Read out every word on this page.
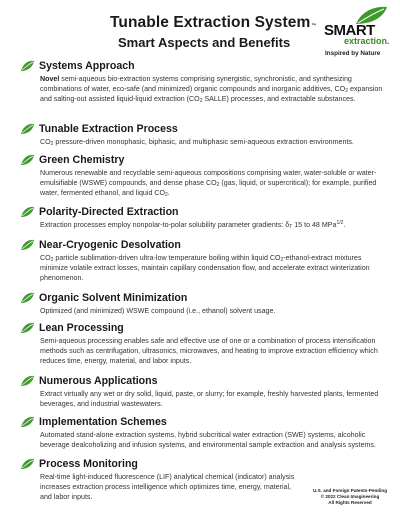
Tunable Extraction System™
Smart Aspects and Benefits
SMART
extraction.
Inspired by Nature
Systems Approach
Novel semi-aqueous bio-extraction systems comprising synergistic, synchronistic, and synthesizing combinations of water, eco-safe (and minimized) organic compounds and inorganic additives, $CO_2$ expansion and salting-out assisted liquid-liquid extraction ($CO_2$ SALLE) processes, and extractable substances.
Tunable Extraction Process
$CO_2$ pressure-driven monophasic, biphasic, and multiphasic semi-aqueous extraction environments.
Green Chemistry
Numerous renewable and recyclable semi-aqueous compositions comprising water, water-soluble or water-emulsifiable (WSWE) compounds, and dense phase $CO_2$ (gas, liquid, or supercritical); for example, purified water, fermented ethanol, and liquid $CO_2$.
Polarity-Directed Extraction
Extraction processes employ nonpolar-to-polar solubility parameter gradients: $\delta_T$ 15 to 48 MPa$^{1/2}$.
Near-Cryogenic Desolvation
$CO_2$ particle sublimation-driven ultra-low temperature boiling within liquid $CO_2-ethanol$-extract mixtures minimize volatile extract losses, maintain capillary condensation flow, and accelerate extract winterization phenomenon.
Organic Solvent Minimization
Optimized (and minimized) WSWE compound (i.e., ethanol) solvent usage.
Lean Processing
Semi-aqueous processing enables safe and effective use of one or a combination of process intensification methods such as centrifugation, ultrasonics, microwaves, and heating to improve extraction efficiency which reduces time, energy, material, and labor inputs.
Numerous Applications
Extract virtually any wet or dry solid, liquid, paste, or slurry; for example, freshly harvested plants, fermented beverages, and industrial wastewaters.
Implementation Schemes
Automated stand-alone extraction systems, hybrid subcritical water extraction (SWE) systems, alcoholic beverage dealcoholizing and infusion systems, and environmental sample extraction and analysis systems.
Process Monitoring
Real-time light-induced fluorescence (LIF) analytical chemical (indicator) analysis increases extraction process intelligence which optimizes time, energy, material, and labor inputs.
U.S. and Foreign Patents-Pending
© 2022 Clean Imagineering
All Rights Reserved
